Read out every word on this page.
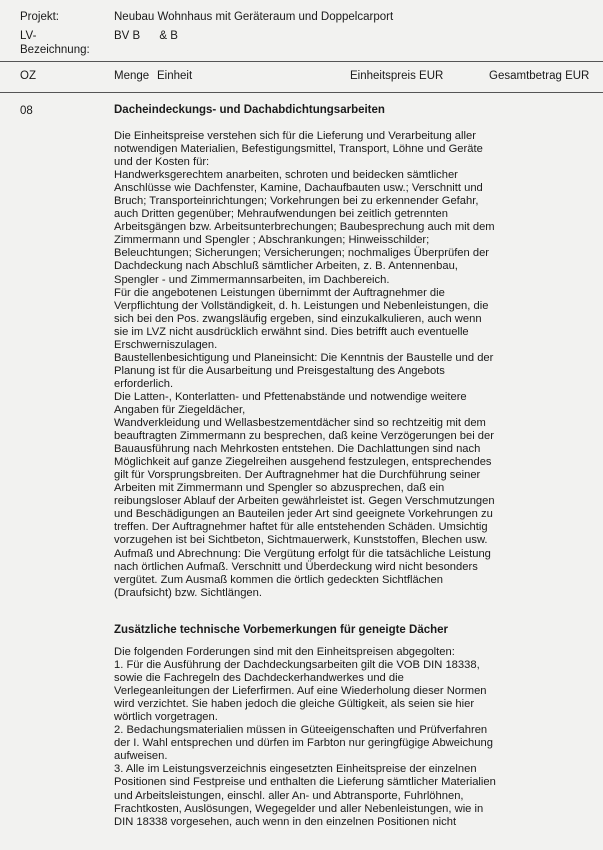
Projekt:	Neubau Wohnhaus mit Geräteraum und Doppelcarport
LV-Bezeichnung:
BV B      & B
OZ	Menge Einheit	Einheitspreis EUR	Gesamtbetrag EUR
08	Dacheindeckungs- und Dachabdichtungsarbeiten
Die Einheitspreise verstehen sich für die Lieferung und Verarbeitung aller
notwendigen Materialien, Befestigungsmittel, Transport, Löhne und Geräte
und der Kosten für:
Handwerksgerechtem anarbeiten, schroten und beidecken sämtlicher
Anschlüsse wie Dachfenster, Kamine, Dachaufbauten usw.; Verschnitt und
Bruch; Transporteinrichtungen; Vorkehrungen bei zu erkennender Gefahr,
auch Dritten gegenüber; Mehraufwendungen bei zeitlich getrennten
Arbeitsgängen bzw. Arbeitsunterbrechungen; Baubesprechung auch mit dem
Zimmermann und Spengler ; Abschrankungen; Hinweisschilder;
Beleuchtungen; Sicherungen; Versicherungen; nochmaliges Überprüfen der
Dachdeckung nach Abschluß sämtlicher Arbeiten, z. B. Antennenbau,
Spengler - und Zimmermannsarbeiten, im Dachbereich.
Für die angebotenen Leistungen übernimmt der Auftragnehmer die
Verpflichtung der Vollständigkeit, d. h. Leistungen und Nebenleistungen, die
sich bei den Pos. zwangsläufig ergeben, sind einzukalkulieren, auch wenn
sie im LVZ nicht ausdrücklich erwähnt sind. Dies betrifft auch eventuelle
Erschwerniszulagen.
Baustellenbesichtigung und Planeinsicht: Die Kenntnis der Baustelle und der
Planung ist für die Ausarbeitung und Preisgestaltung des Angebots
erforderlich.
Die Latten-, Konterlatten- und Pfettenabstände und notwendige weitere
Angaben für Ziegeldächer,
Wandverkleidung und Wellasbestzementdächer sind so rechtzeitig mit dem
beauftragten Zimmermann zu besprechen, daß keine Verzögerungen bei der
Bauausführung nach Mehrkosten entstehen. Die Dachlattungen sind nach
Möglichkeit auf ganze Ziegelreihen ausgehend festzulegen, entsprechendes
gilt für Vorsprungsbreiten. Der Auftragnehmer hat die Durchführung seiner
Arbeiten mit Zimmermann und Spengler so abzusprechen, daß ein
reibungsloser Ablauf der Arbeiten gewährleistet ist. Gegen Verschmutzungen
und Beschädigungen an Bauteilen jeder Art sind geeignete Vorkehrungen zu
treffen. Der Auftragnehmer haftet für alle entstehenden Schäden. Umsichtig
vorzugehen ist bei Sichtbeton, Sichtmauerwerk, Kunststoffen, Blechen usw.
Aufmaß und Abrechnung: Die Vergütung erfolgt für die tatsächliche Leistung
nach örtlichen Aufmaß. Verschnitt und Überdeckung wird nicht besonders
vergütet. Zum Ausmaß kommen die örtlich gedeckten Sichtflächen
(Draufsicht) bzw. Sichtlängen.
Zusätzliche technische Vorbemerkungen für geneigte Dächer
Die folgenden Forderungen sind mit den Einheitspreisen abgegolten:
1. Für die Ausführung der Dachdeckungsarbeiten gilt die VOB DIN 18338,
sowie die Fachregeln des Dachdeckerhandwerkes und die
Verlegeanleitungen der Lieferfirmen. Auf eine Wiederholung dieser Normen
wird verzichtet. Sie haben jedoch die gleiche Gültigkeit, als seien sie hier
wörtlich vorgetragen.
2. Bedachungsmaterialien müssen in Güteeigenschaften und Prüfverfahren
der I. Wahl entsprechen und dürfen im Farbton nur geringfügige Abweichung
aufweisen.
3. Alle im Leistungsverzeichnis eingesetzten Einheitspreise der einzelnen
Positionen sind Festpreise und enthalten die Lieferung sämtlicher Materialien
und Arbeitsleistungen, einschl. aller An- und Abtransporte, Fuhrlöhnen,
Frachtkosten, Auslösungen, Wegegelder und aller Nebenleistungen, wie in
DIN 18338 vorgesehen, auch wenn in den einzelnen Positionen nicht
